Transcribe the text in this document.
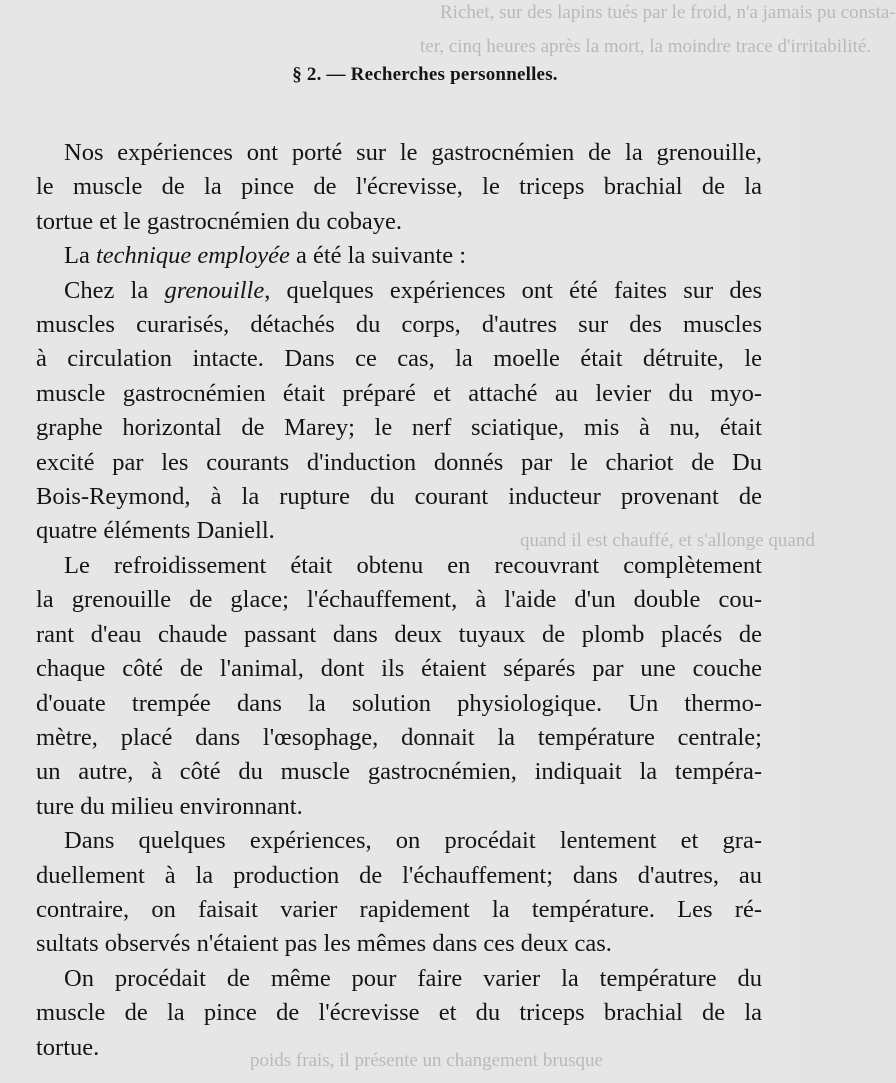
Richet, sur des lapins tués par le froid, n'a jamais pu consta-
ter, cinq heures après la mort, la moindre trace d'irritabilité.
quand il est chauffé, et s'allonge quand
poids frais, il présente un changement brusque
§ 2. — Recherches personnelles.

Nos expériences ont porté sur le gastrocnémien de la grenouille,
le muscle de la pince de l'écrevisse, le triceps brachial de la
tortue et le gastrocnémien du cobaye.

La technique employée a été la suivante :

Chez la grenouille, quelques expériences ont été faites sur des
muscles curarisés, détachés du corps, d'autres sur des muscles
à circulation intacte. Dans ce cas, la moelle était détruite, le
muscle gastrocnémien était préparé et attaché au levier du myo-
graphe horizontal de Marey; le nerf sciatique, mis à nu, était
excité par les courants d'induction donnés par le chariot de Du
Bois-Reymond, à la rupture du courant inducteur provenant de
quatre éléments Daniell.

Le refroidissement était obtenu en recouvrant complètement
la grenouille de glace; l'échauffement, à l'aide d'un double cou-
rant d'eau chaude passant dans deux tuyaux de plomb placés de
chaque côté de l'animal, dont ils étaient séparés par une couche
d'ouate trempée dans la solution physiologique. Un thermo-
mètre, placé dans l'œsophage, donnait la température centrale;
un autre, à côté du muscle gastrocnémien, indiquait la tempéra-
ture du milieu environnant.

Dans quelques expériences, on procédait lentement et gra-
duellement à la production de l'échauffement; dans d'autres, au
contraire, on faisait varier rapidement la température. Les ré-
sultats observés n'étaient pas les mêmes dans ces deux cas.

On procédait de même pour faire varier la température du
muscle de la pince de l'écrevisse et du triceps brachial de la
tortue.
